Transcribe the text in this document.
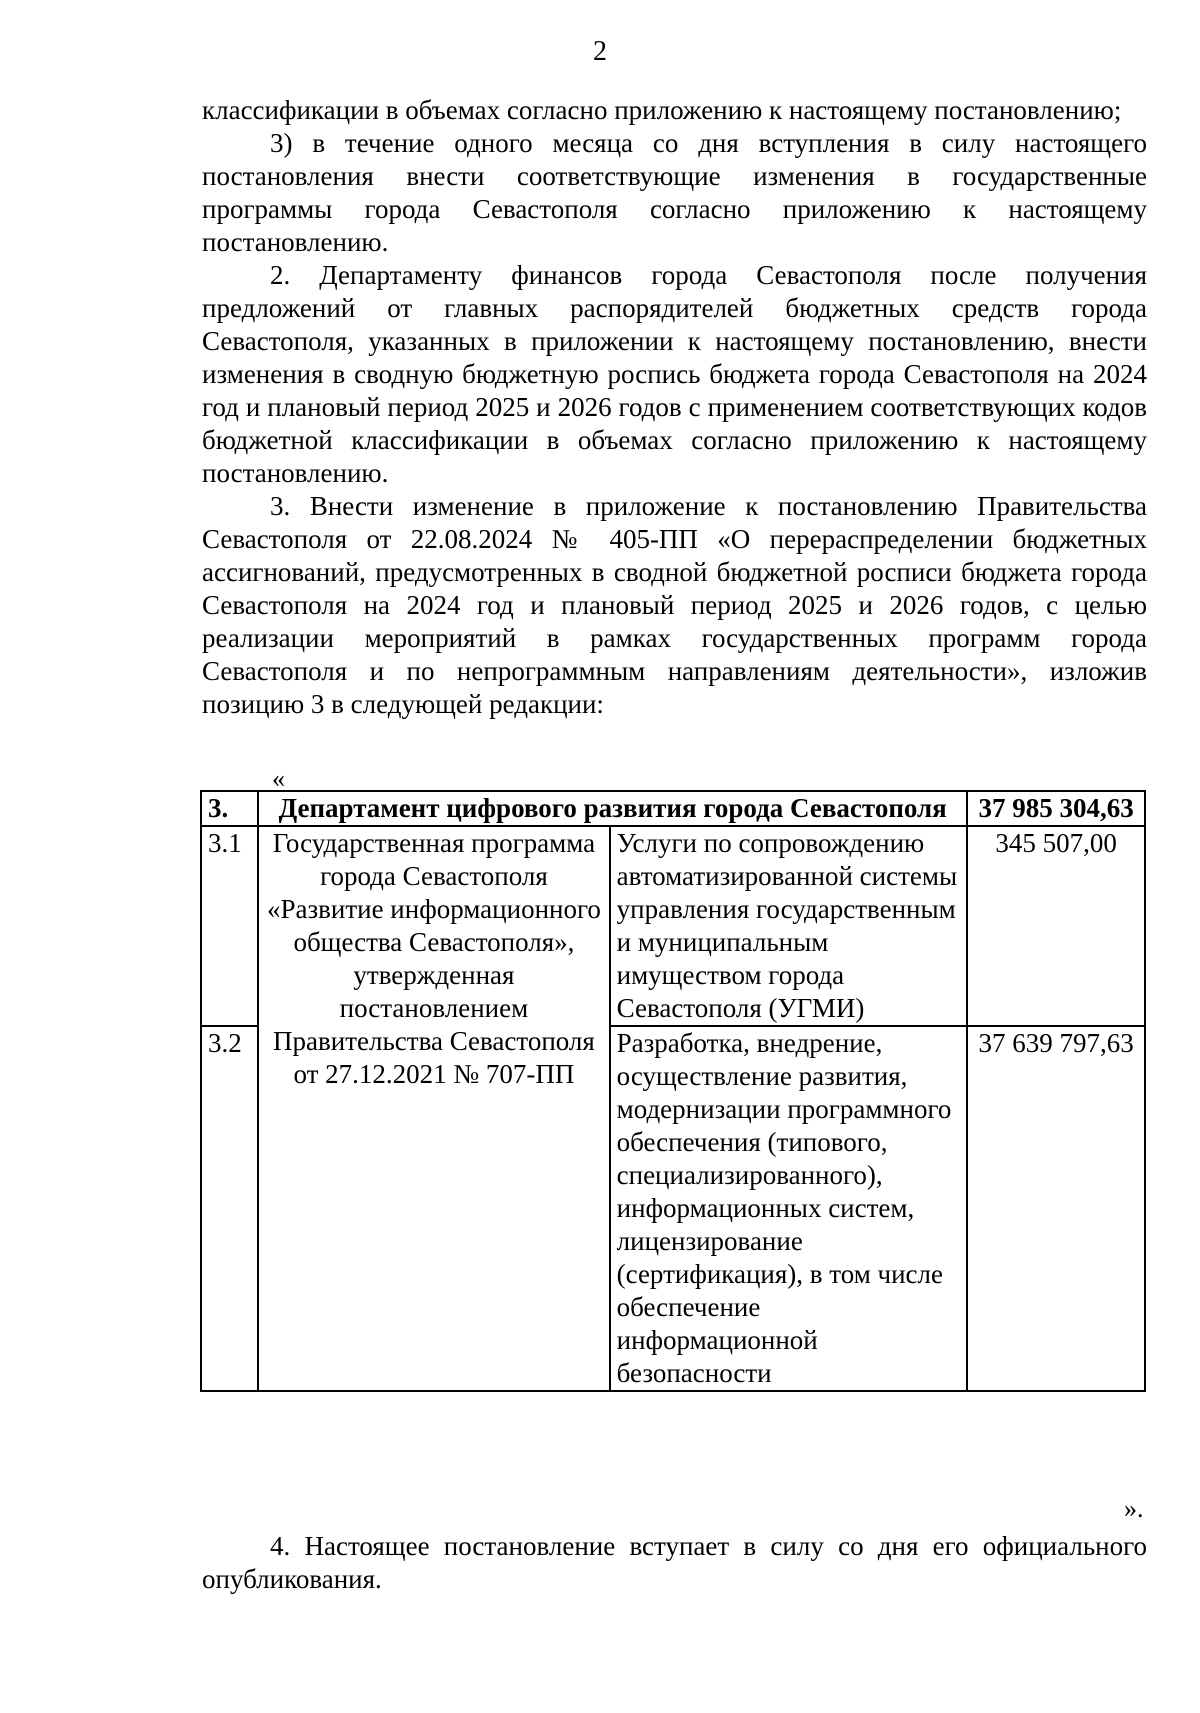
2

классификации в объемах согласно приложению к настоящему постановлению;

3) в течение одного месяца со дня вступления в силу настоящего постановления внести соответствующие изменения в государственные программы города Севастополя согласно приложению к настоящему постановлению.

2. Департаменту финансов города Севастополя после получения предложений от главных распорядителей бюджетных средств города Севастополя, указанных в приложении к настоящему постановлению, внести изменения в сводную бюджетную роспись бюджета города Севастополя на 2024 год и плановый период 2025 и 2026 годов с применением соответствующих кодов бюджетной классификации в объемах согласно приложению к настоящему постановлению.

3. Внести изменение в приложение к постановлению Правительства Севастополя от 22.08.2024 № 405-ПП «О перераспределении бюджетных ассигнований, предусмотренных в сводной бюджетной росписи бюджета города Севастополя на 2024 год и плановый период 2025 и 2026 годов, с целью реализации мероприятий в рамках государственных программ города Севастополя и по непрограммным направлениям деятельности», изложив позицию 3 в следующей редакции:

«
3.	Департамент цифрового развития города Севастополя		37 985 304,63
3.1	Государственная программа города Севастополя «Развитие информационного общества Севастополя», утвержденная постановлением Правительства Севастополя от 27.12.2021 № 707-ПП	Услуги по сопровождению автоматизированной системы управления государственным и муниципальным имуществом города Севастополя (УГМИ)	345 507,00
3.2		Разработка, внедрение, осуществление развития, модернизации программного обеспечения (типового, специализированного), информационных систем, лицензирование (сертификация), в том числе обеспечение информационной безопасности	37 639 797,63
».

4. Настоящее постановление вступает в силу со дня его официального опубликования.
